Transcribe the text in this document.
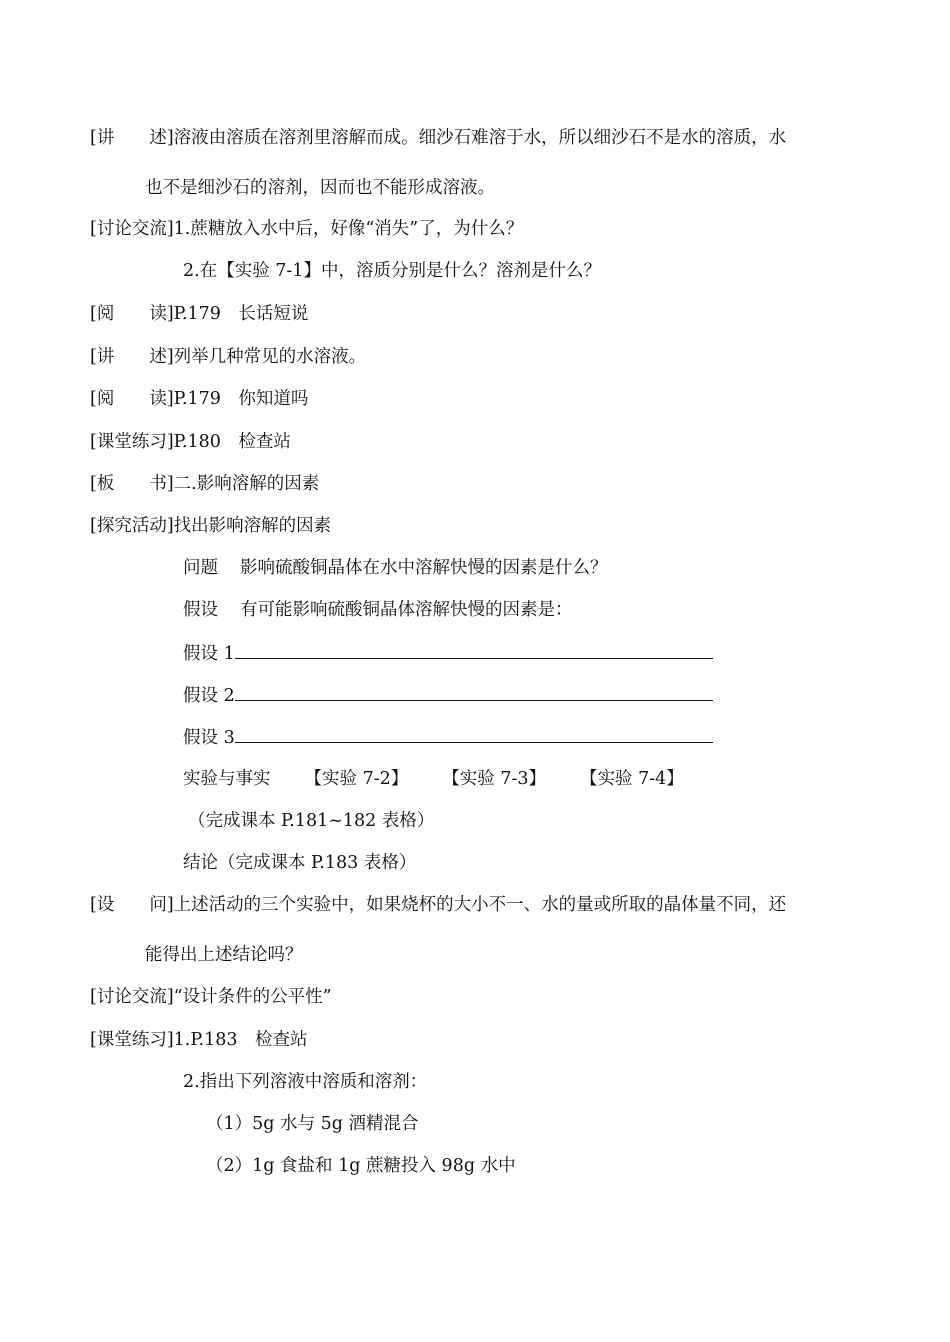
[讲　　述]溶液由溶质在溶剂里溶解而成。细沙石难溶于水，所以细沙石不是水的溶质，水
也不是细沙石的溶剂，因而也不能形成溶液。
[讨论交流]1.蔗糖放入水中后，好像“消失”了，为什么？
2.在【实验 7-1】中，溶质分别是什么？溶剂是什么？
[阅　　读]P.179　长话短说
[讲　　述]列举几种常见的水溶液。
[阅　　读]P.179　你知道吗
[课堂练习]P.180　检查站
[板　　书]二.影响溶解的因素
[探究活动]找出影响溶解的因素
问题 影响硫酸铜晶体在水中溶解快慢的因素是什么？
假设 有可能影响硫酸铜晶体溶解快慢的因素是：
假设 1
假设 2
假设 3
实验与事实 【实验 7-2】 【实验 7-3】 【实验 7-4】
（完成课本 P.181~182 表格）
结论（完成课本 P.183 表格）
[设　　问]上述活动的三个实验中，如果烧杯的大小不一、水的量或所取的晶体量不同，还
能得出上述结论吗？
[讨论交流]“设计条件的公平性”
[课堂练习]1.P.183　检查站
2.指出下列溶液中溶质和溶剂：
（1）5g 水与 5g 酒精混合
（2）1g 食盐和 1g 蔗糖投入 98g 水中
